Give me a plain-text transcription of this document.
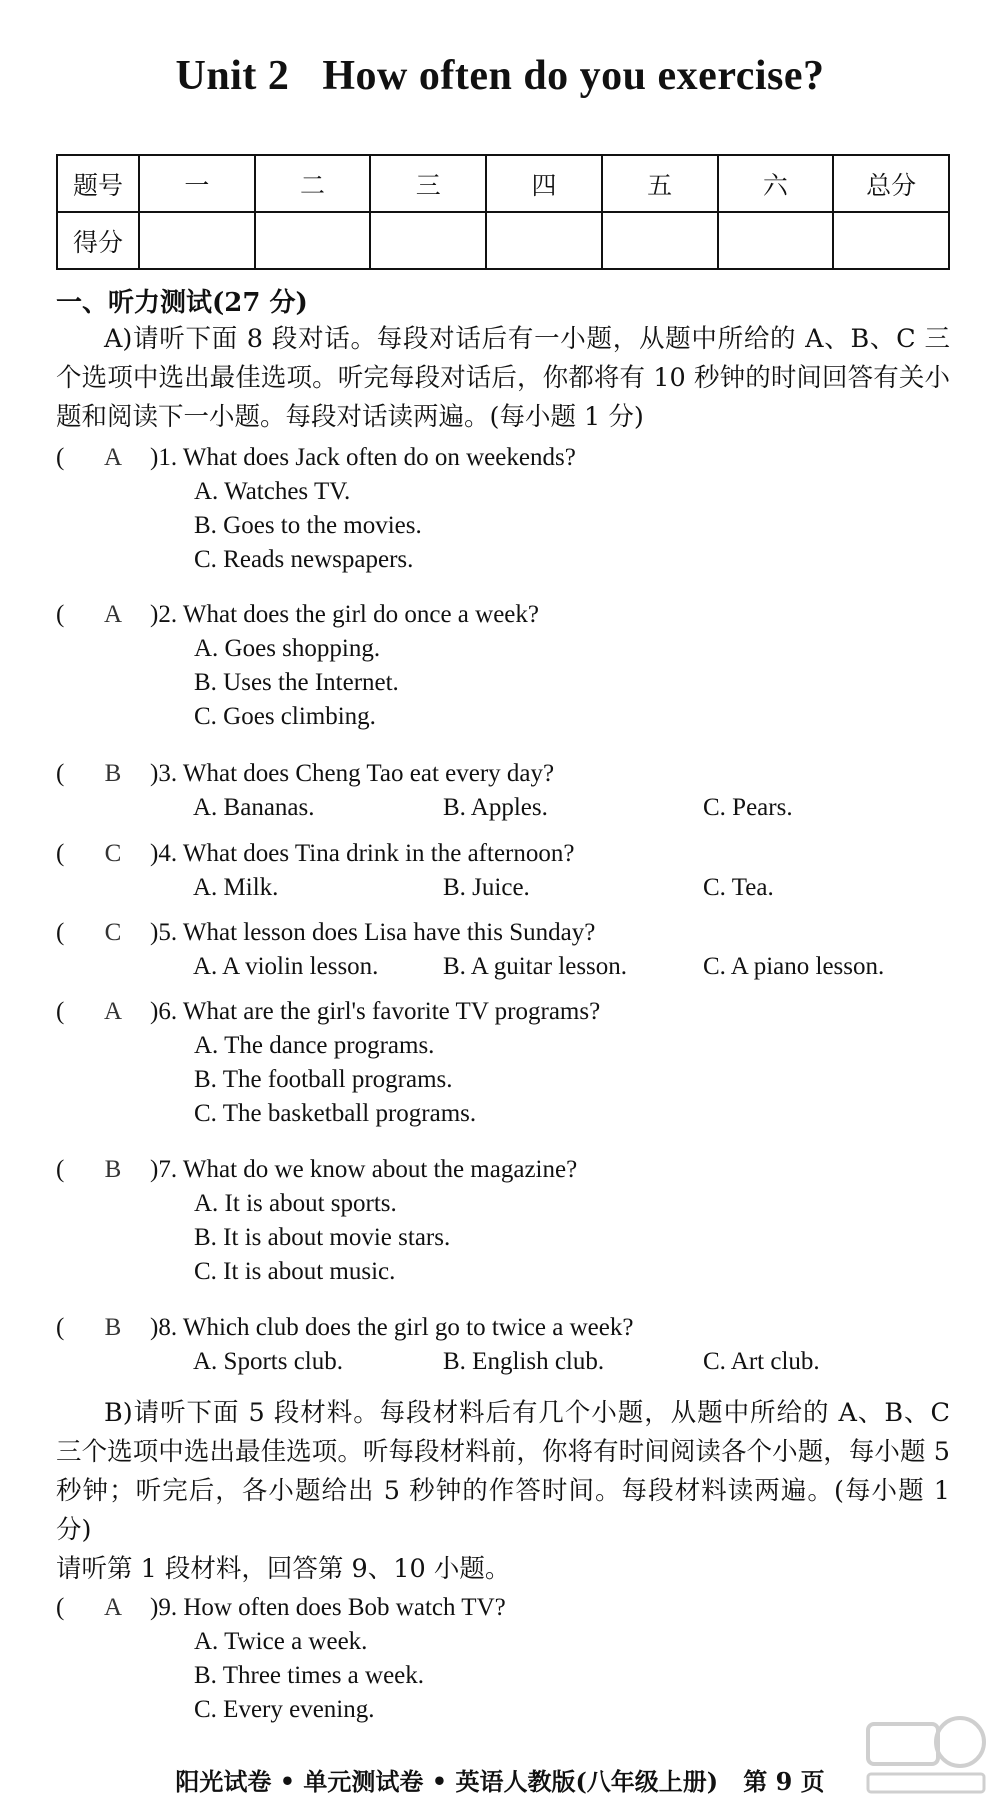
Unit 2   How often do you exercise?
题号	一	二	三	四	五	六	总分
得分							
一、听力测试(27 分)
A)请听下面 8 段对话。每段对话后有一小题，从题中所给的 A、B、C 三个选项中选出最佳选项。听完每段对话后，你都将有 10 秒钟的时间回答有关小题和阅读下一小题。每段对话读两遍。(每小题 1 分)
( A )1. What does Jack often do on weekends?
A. Watches TV.
B. Goes to the movies.
C. Reads newspapers.
( A )2. What does the girl do once a week?
A. Goes shopping.
B. Uses the Internet.
C. Goes climbing.
( B )3. What does Cheng Tao eat every day?
A. Bananas.	B. Apples.	C. Pears.
( C )4. What does Tina drink in the afternoon?
A. Milk.	B. Juice.	C. Tea.
( C )5. What lesson does Lisa have this Sunday?
A. A violin lesson.	B. A guitar lesson.	C. A piano lesson.
( A )6. What are the girl's favorite TV programs?
A. The dance programs.
B. The football programs.
C. The basketball programs.
( B )7. What do we know about the magazine?
A. It is about sports.
B. It is about movie stars.
C. It is about music.
( B )8. Which club does the girl go to twice a week?
A. Sports club.	B. English club.	C. Art club.
B)请听下面 5 段材料。每段材料后有几个小题，从题中所给的 A、B、C 三个选项中选出最佳选项。听每段材料前，你将有时间阅读各个小题，每小题 5 秒钟；听完后，各小题给出 5 秒钟的作答时间。每段材料读两遍。(每小题 1 分)
请听第 1 段材料，回答第 9、10 小题。
( A )9. How often does Bob watch TV?
A. Twice a week.
B. Three times a week.
C. Every evening.
阳光试卷 • 单元测试卷 • 英语人教版(八年级上册)   第 9 页
